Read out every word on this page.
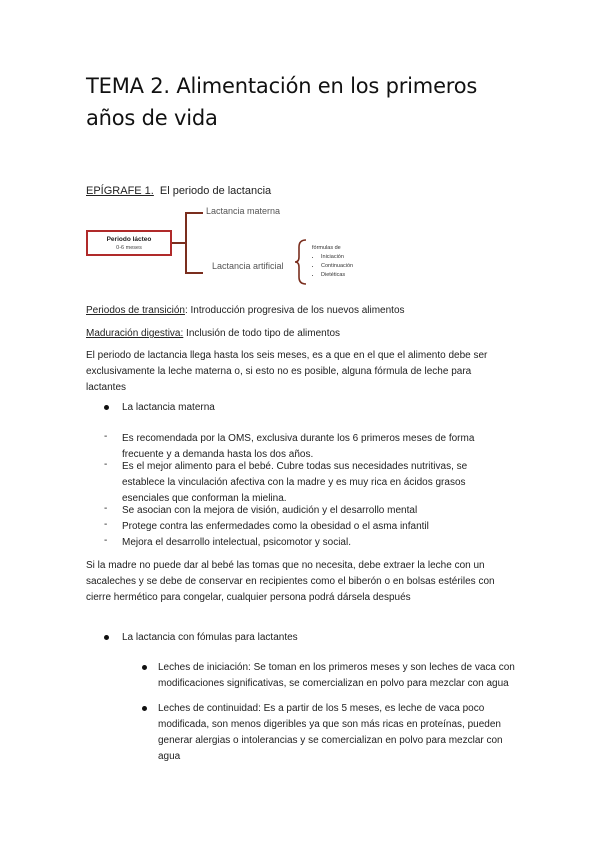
TEMA 2. Alimentación en los primeros años de vida
EPÍGRAFE 1. El periodo de lactancia
Periodo lácteo
0-6 meses
Lactancia materna
Lactancia artificial
fórmulas de
• Iniciación
• Continuación
• Dietéticas
Periodos de transición: Introducción progresiva de los nuevos alimentos
Maduración digestiva: Inclusión de todo tipo de alimentos
El periodo de lactancia llega hasta los seis meses, es a que en el que el alimento debe ser exclusivamente la leche materna o, si esto no es posible, alguna fórmula de leche para lactantes
La lactancia materna
- Es recomendada por la OMS, exclusiva durante los 6 primeros meses de forma frecuente y a demanda hasta los dos años.
- Es el mejor alimento para el bebé. Cubre todas sus necesidades nutritivas, se establece la vinculación afectiva con la madre y es muy rica en ácidos grasos esenciales que conforman la mielina.
- Se asocian con la mejora de visión, audición y el desarrollo mental
- Protege contra las enfermedades como la obesidad o el asma infantil
- Mejora el desarrollo intelectual, psicomotor y social.
Si la madre no puede dar al bebé las tomas que no necesita, debe extraer la leche con un sacaleches y se debe de conservar en recipientes como el biberón o en bolsas estériles con cierre hermético para congelar, cualquier persona podrá dársela después
La lactancia con fómulas para lactantes
Leches de iniciación: Se toman en los primeros meses y son leches de vaca con modificaciones significativas, se comercializan en polvo para mezclar con agua
Leches de continuidad: Es a partir de los 5 meses, es leche de vaca poco modificada, son menos digeribles ya que son más ricas en proteínas, pueden generar alergias o intolerancias y se comercializan en polvo para mezclar con agua
